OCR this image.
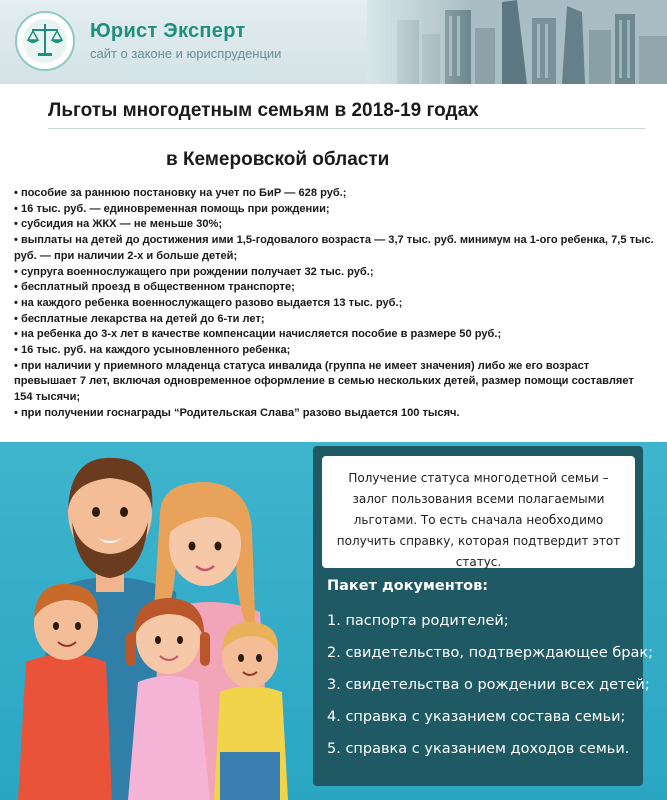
Юрист Эксперт
сайт о законе и юриспруденции
Льготы многодетным семьям в 2018-19 годах
в Кемеровской области
• пособие за раннюю постановку на учет по БиР — 628 руб.;
• 16 тыс. руб. — единовременная помощь при рождении;
• субсидия на ЖКХ — не меньше 30%;
• выплаты на детей до достижения ими 1,5-годовалого возраста — 3,7 тыс. руб. минимум на 1-ого ребенка, 7,5 тыс. руб. — при наличии 2-х и больше детей;
• супруга военнослужащего при рождении получает 32 тыс. руб.;
• бесплатный проезд в общественном транспорте;
• на каждого ребенка военнослужащего разово выдается 13 тыс. руб.;
• бесплатные лекарства на детей до 6-ти лет;
• на ребенка до 3-х лет в качестве компенсации начисляется пособие в размере 50 руб.;
• 16 тыс. руб. на каждого усыновленного ребенка;
• при наличии у приемного младенца статуса инвалида (группа не имеет значения) либо же его возраст превышает 7 лет, включая одновременное оформление в семью нескольких детей, размер помощи составляет 154 тысячи;
• при получении госнаграды “Родительская Слава” разово выдается 100 тысяч.
Получение статуса многодетной семьи – залог пользования всеми полагаемыми льготами. То есть сначала необходимо получить справку, которая подтвердит этот статус.
Пакет документов:
1. паспорта родителей;
2. свидетельство, подтверждающее брак;
3. свидетельства о рождении всех детей;
4. справка с указанием состава семьи;
5. справка с указанием доходов семьи.
